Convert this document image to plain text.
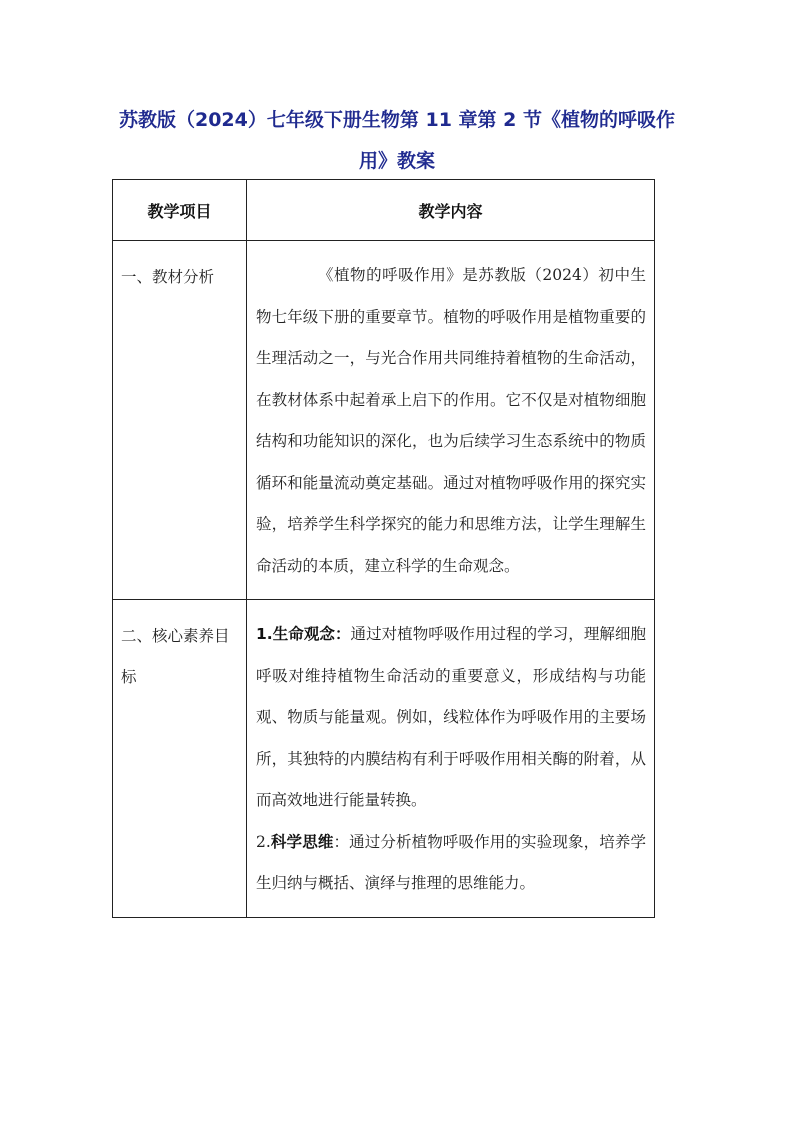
苏教版（2024）七年级下册生物第 11 章第 2 节《植物的呼吸作用》教案
教学项目	教学内容

一、教材分析	《植物的呼吸作用》是苏教版（2024）初中生物七年级下册的重要章节。植物的呼吸作用是植物重要的生理活动之一，与光合作用共同维持着植物的生命活动，在教材体系中起着承上启下的作用。它不仅是对植物细胞结构和功能知识的深化，也为后续学习生态系统中的物质循环和能量流动奠定基础。通过对植物呼吸作用的探究实验，培养学生科学探究的能力和思维方法，让学生理解生命活动的本质，建立科学的生命观念。

二、核心素养目标	1.生命观念：通过对植物呼吸作用过程的学习，理解细胞呼吸对维持植物生命活动的重要意义，形成结构与功能观、物质与能量观。例如，线粒体作为呼吸作用的主要场所，其独特的内膜结构有利于呼吸作用相关酶的附着，从而高效地进行能量转换。

2.科学思维：通过分析植物呼吸作用的实验现象，培养学生归纳与概括、演绎与推理的思维能力。
